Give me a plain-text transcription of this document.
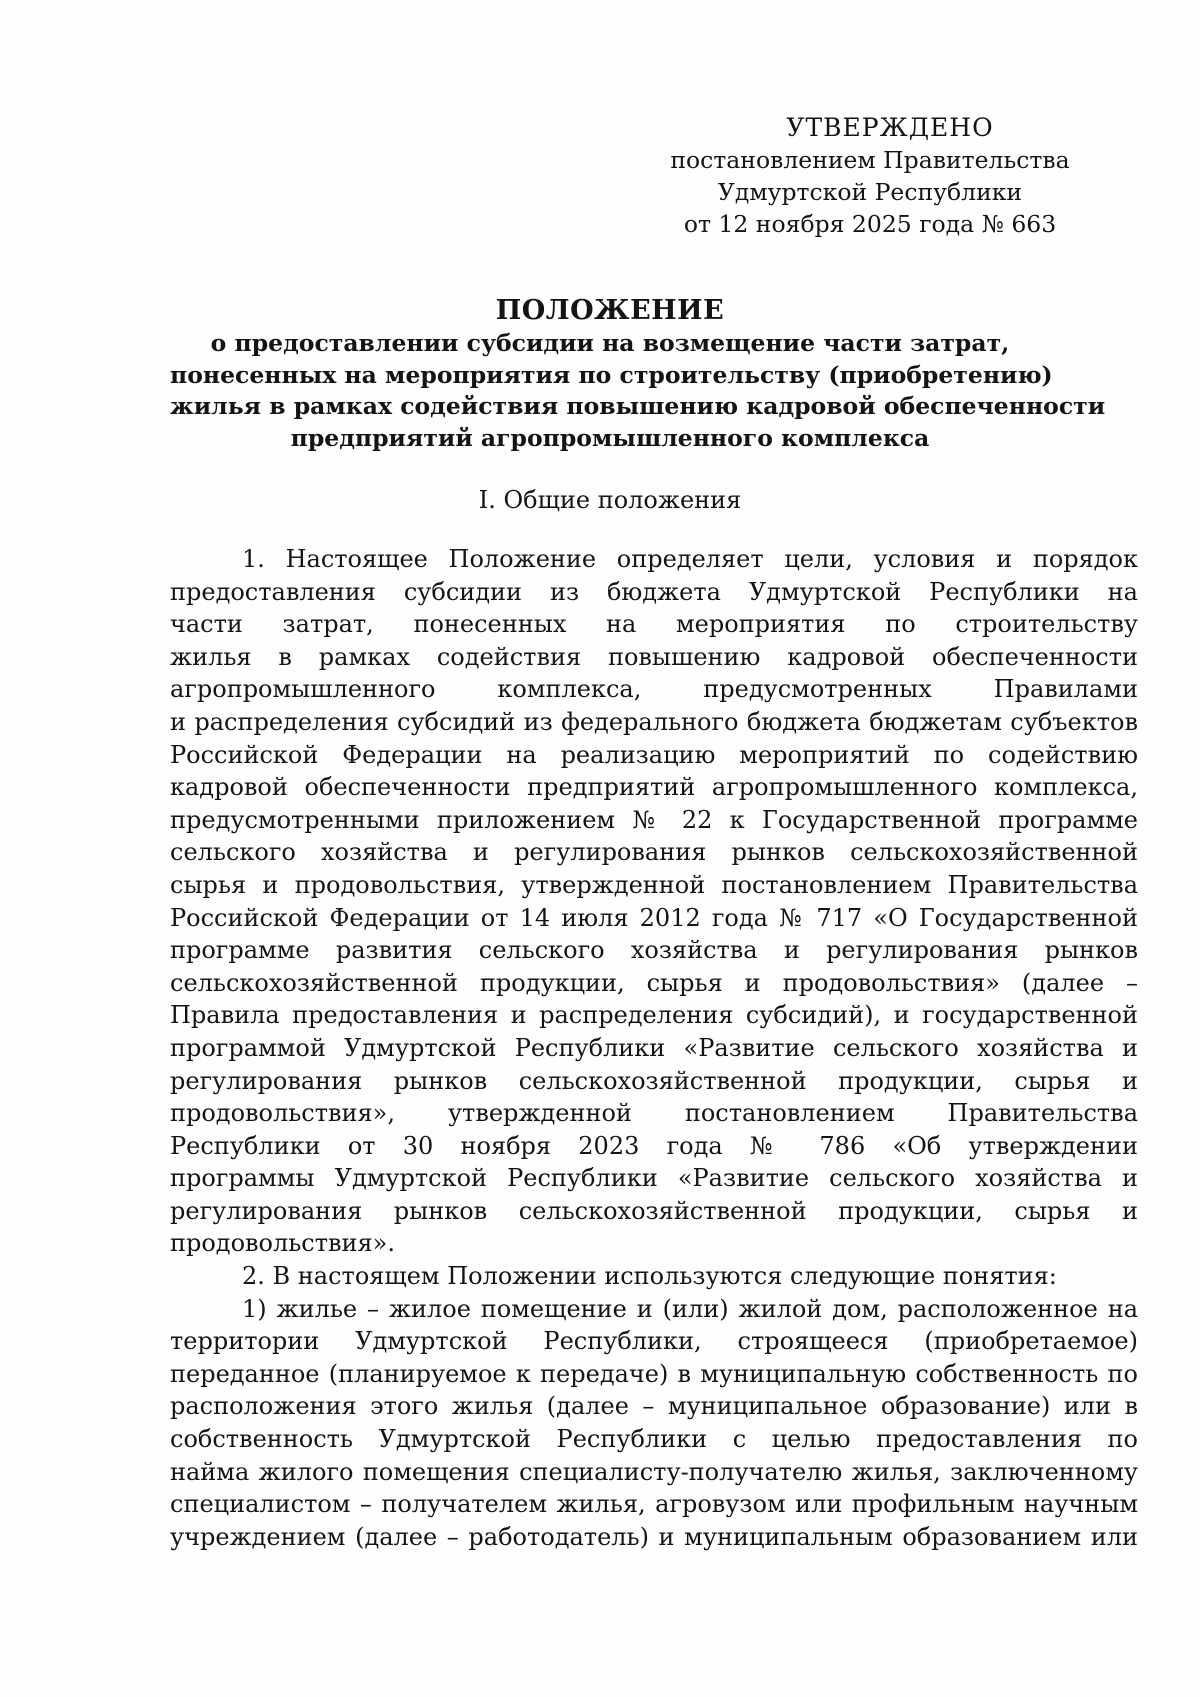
УТВЕРЖДЕНО
постановлением Правительства
Удмуртской Республики
от 12 ноября 2025 года № 663
ПОЛОЖЕНИЕ
о предоставлении субсидии на возмещение части затрат,
понесенных на мероприятия по строительству (приобретению)
жилья в рамках содействия повышению кадровой обеспеченности
предприятий агропромышленного комплекса
I. Общие положения
1. Настоящее Положение определяет цели, условия и порядок
предоставления субсидии из бюджета Удмуртской Республики на
части затрат, понесенных на мероприятия по строительству
жилья в рамках содействия повышению кадровой обеспеченности
агропромышленного комплекса, предусмотренных Правилами
и распределения субсидий из федерального бюджета бюджетам субъектов
Российской Федерации на реализацию мероприятий по содействию
кадровой обеспеченности предприятий агропромышленного комплекса,
предусмотренными приложением № 22 к Государственной программе
сельского хозяйства и регулирования рынков сельскохозяйственной
сырья и продовольствия, утвержденной постановлением Правительства
Российской Федерации от 14 июля 2012 года № 717 «О Государственной
программе развития сельского хозяйства и регулирования рынков
сельскохозяйственной продукции, сырья и продовольствия» (далее –
Правила предоставления и распределения субсидий), и государственной
программой Удмуртской Республики «Развитие сельского хозяйства и
регулирования рынков сельскохозяйственной продукции, сырья и
продовольствия», утвержденной постановлением Правительства
Республики от 30 ноября 2023 года № 786 «Об утверждении
программы Удмуртской Республики «Развитие сельского хозяйства и
регулирования рынков сельскохозяйственной продукции, сырья и
продовольствия».
2. В настоящем Положении используются следующие понятия:
1) жилье – жилое помещение и (или) жилой дом, расположенное на
территории Удмуртской Республики, строящееся (приобретаемое)
переданное (планируемое к передаче) в муниципальную собственность по
расположения этого жилья (далее – муниципальное образование) или в
собственность Удмуртской Республики с целью предоставления по
найма жилого помещения специалисту-получателю жилья, заключенному
специалистом – получателем жилья, агровузом или профильным научным
учреждением (далее – работодатель) и муниципальным образованием или
